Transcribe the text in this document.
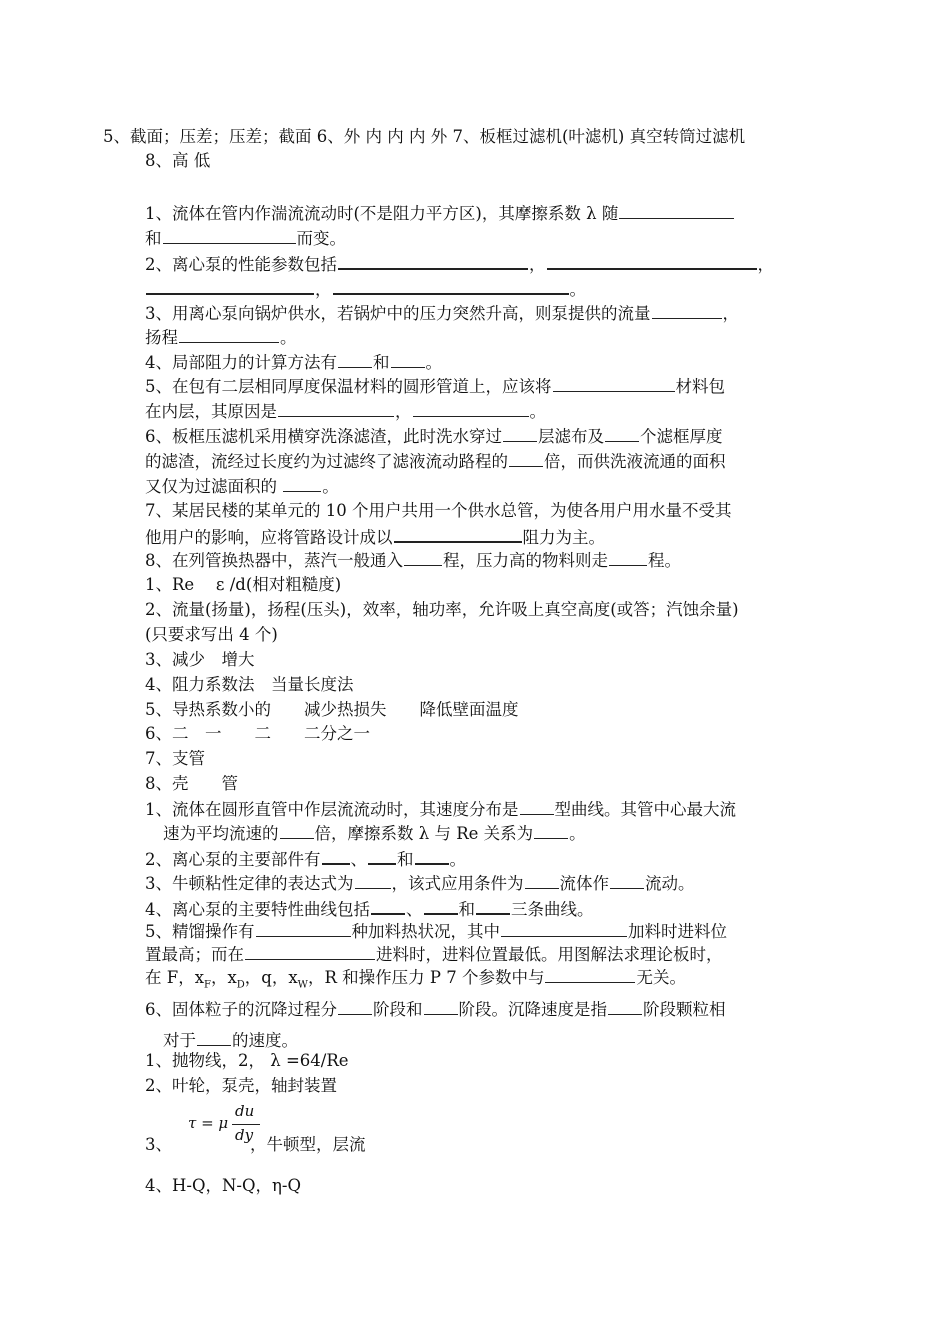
5、截面；压差；压差；截面 6、外 内 内 内 外 7、板框过滤机(叶滤机) 真空转筒过滤机

8、高 低

1、流体在管内作湍流流动时(不是阻力平方区)，其摩擦系数 λ 随

和	而变。

2、离心泵的性能参数包括	，	，

，	。

3、用离心泵向锅炉供水，若锅炉中的压力突然升高，则泵提供的流量	，

扬程	。

4、局部阻力的计算方法有 和 。

5、在包有二层相同厚度保温材料的圆形管道上，应该将	材料包

在内层，其原因是	，	。

6、板框压滤机采用横穿洗涤滤渣，此时洗水穿过 层滤布及 个滤框厚度

的滤渣，流经过长度约为过滤终了滤液流动路程的 倍，而供洗液流通的面积

又仅为过滤面积的 。

7、某居民楼的某单元的 10 个用户共用一个供水总管，为使各用户用水量不受其

他用户的影响，应将管路设计成以	阻力为主。

8、在列管换热器中，蒸汽一般通入 程，压力高的物料则走 程。

1、Re　 ε /d(相对粗糙度)

2、流量(扬量)，扬程(压头)，效率，轴功率，允许吸上真空高度(或答；汽蚀余量)

(只要求写出 4 个)

3、减少　增大

4、阻力系数法　当量长度法

5、导热系数小的　　减少热损失　　降低壁面温度

6、二　一　　二　　二分之一

7、支管

8、壳　　管

1、流体在圆形直管中作层流流动时，其速度分布是 型曲线。其管中心最大流

速为平均流速的 倍，摩擦系数 λ 与 Re 关系为 。

2、离心泵的主要部件有 、 和 。

3、牛顿粘性定律的表达式为 ，该式应用条件为 流体作 流动。

4、离心泵的主要特性曲线包括 、 和 三条曲线。

5、精馏操作有	种加料热状况，其中	加料时进料位

置最高；而在	进料时，进料位置最低。用图解法求理论板时，

在 F，$x_F$，$x_D$，q，$x_W$，R 和操作压力 P 7 个参数中与	无关。

6、固体粒子的沉降过程分 阶段和 阶段。沉降速度是指 阶段颗粒相

对于 的速度。

1、抛物线，2， λ =64/Re

2、叶轮，泵壳，轴封装置

τ = μ
du
dy

3、	，牛顿型，层流

4、H-Q，N-Q，η-Q
